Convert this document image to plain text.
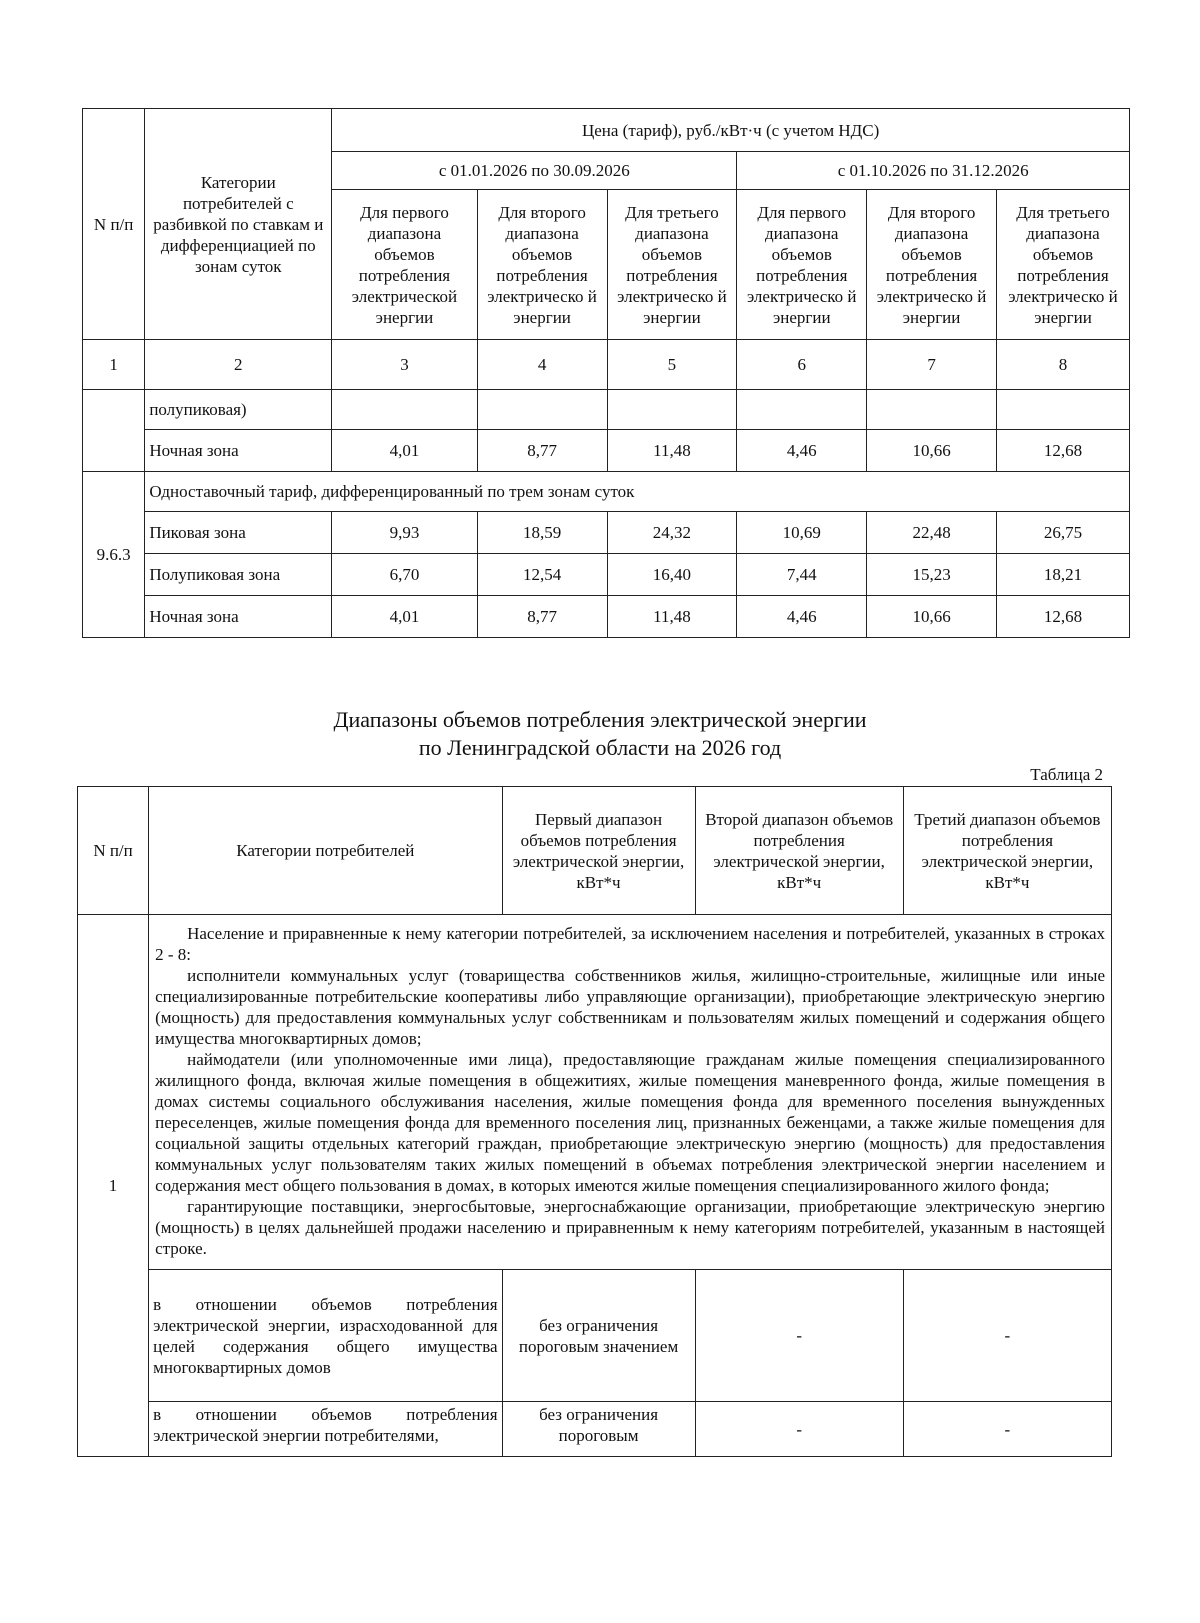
N п/п	Категории потребителей с разбивкой по ставкам и дифференциацией по зонам суток	Цена (тариф), руб./кВт·ч (с учетом НДС)					
		с 01.01.2026 по 30.09.2026			с 01.10.2026 по 31.12.2026		
		Для первого диапазона объемов потребления электрической энергии	Для второго диапазона объемов потребления электрическо й энергии	Для третьего диапазона объемов потребления электрическо й энергии	Для первого диапазона объемов потребления электрическо й энергии	Для второго диапазона объемов потребления электрическо й энергии	Для третьего диапазона объемов потребления электрическо й энергии
1	2	3	4	5	6	7	8
	полупиковая)						
	Ночная зона	4,01	8,77	11,48	4,46	10,66	12,68
9.6.3	Одноставочный тариф, дифференцированный по трем зонам суток						
	Пиковая зона	9,93	18,59	24,32	10,69	22,48	26,75
	Полупиковая зона	6,70	12,54	16,40	7,44	15,23	18,21
	Ночная зона	4,01	8,77	11,48	4,46	10,66	12,68
Диапазоны объемов потребления электрической энергии
по Ленинградской области на 2026 год
Таблица 2
N п/п	Категории потребителей	Первый диапазон объемов потребления электрической энергии, кВт*ч	Второй диапазон объемов потребления электрической энергии, кВт*ч	Третий диапазон объемов потребления электрической энергии, кВт*ч
1	Население и приравненные к нему категории потребителей, за исключением населения и потребителей, указанных в строках 2 - 8:
исполнители коммунальных услуг (товарищества собственников жилья, жилищно-строительные, жилищные или иные специализированные потребительские кооперативы либо управляющие организации), приобретающие электрическую энергию (мощность) для предоставления коммунальных услуг собственникам и пользователям жилых помещений и содержания общего имущества многоквартирных домов;
наймодатели (или уполномоченные ими лица), предоставляющие гражданам жилые помещения специализированного жилищного фонда, включая жилые помещения в общежитиях, жилые помещения маневренного фонда, жилые помещения в домах системы социального обслуживания населения, жилые помещения фонда для временного поселения вынужденных переселенцев, жилые помещения фонда для временного поселения лиц, признанных беженцами, а также жилые помещения для социальной защиты отдельных категорий граждан, приобретающие электрическую энергию (мощность) для предоставления коммунальных услуг пользователям таких жилых помещений в объемах потребления электрической энергии населением и содержания мест общего пользования в домах, в которых имеются жилые помещения специализированного жилого фонда;
гарантирующие поставщики, энергосбытовые, энергоснабжающие организации, приобретающие электрическую энергию (мощность) в целях дальнейшей продажи населению и приравненным к нему категориям потребителей, указанным в настоящей строке.			

	в отношении объемов потребления электрической энергии, израсходованной для целей содержания общего имущества многоквартирных домов	без ограничения пороговым значением	-	-
	в отношении объемов потребления электрической энергии потребителями,	без ограничения пороговым	-	-
